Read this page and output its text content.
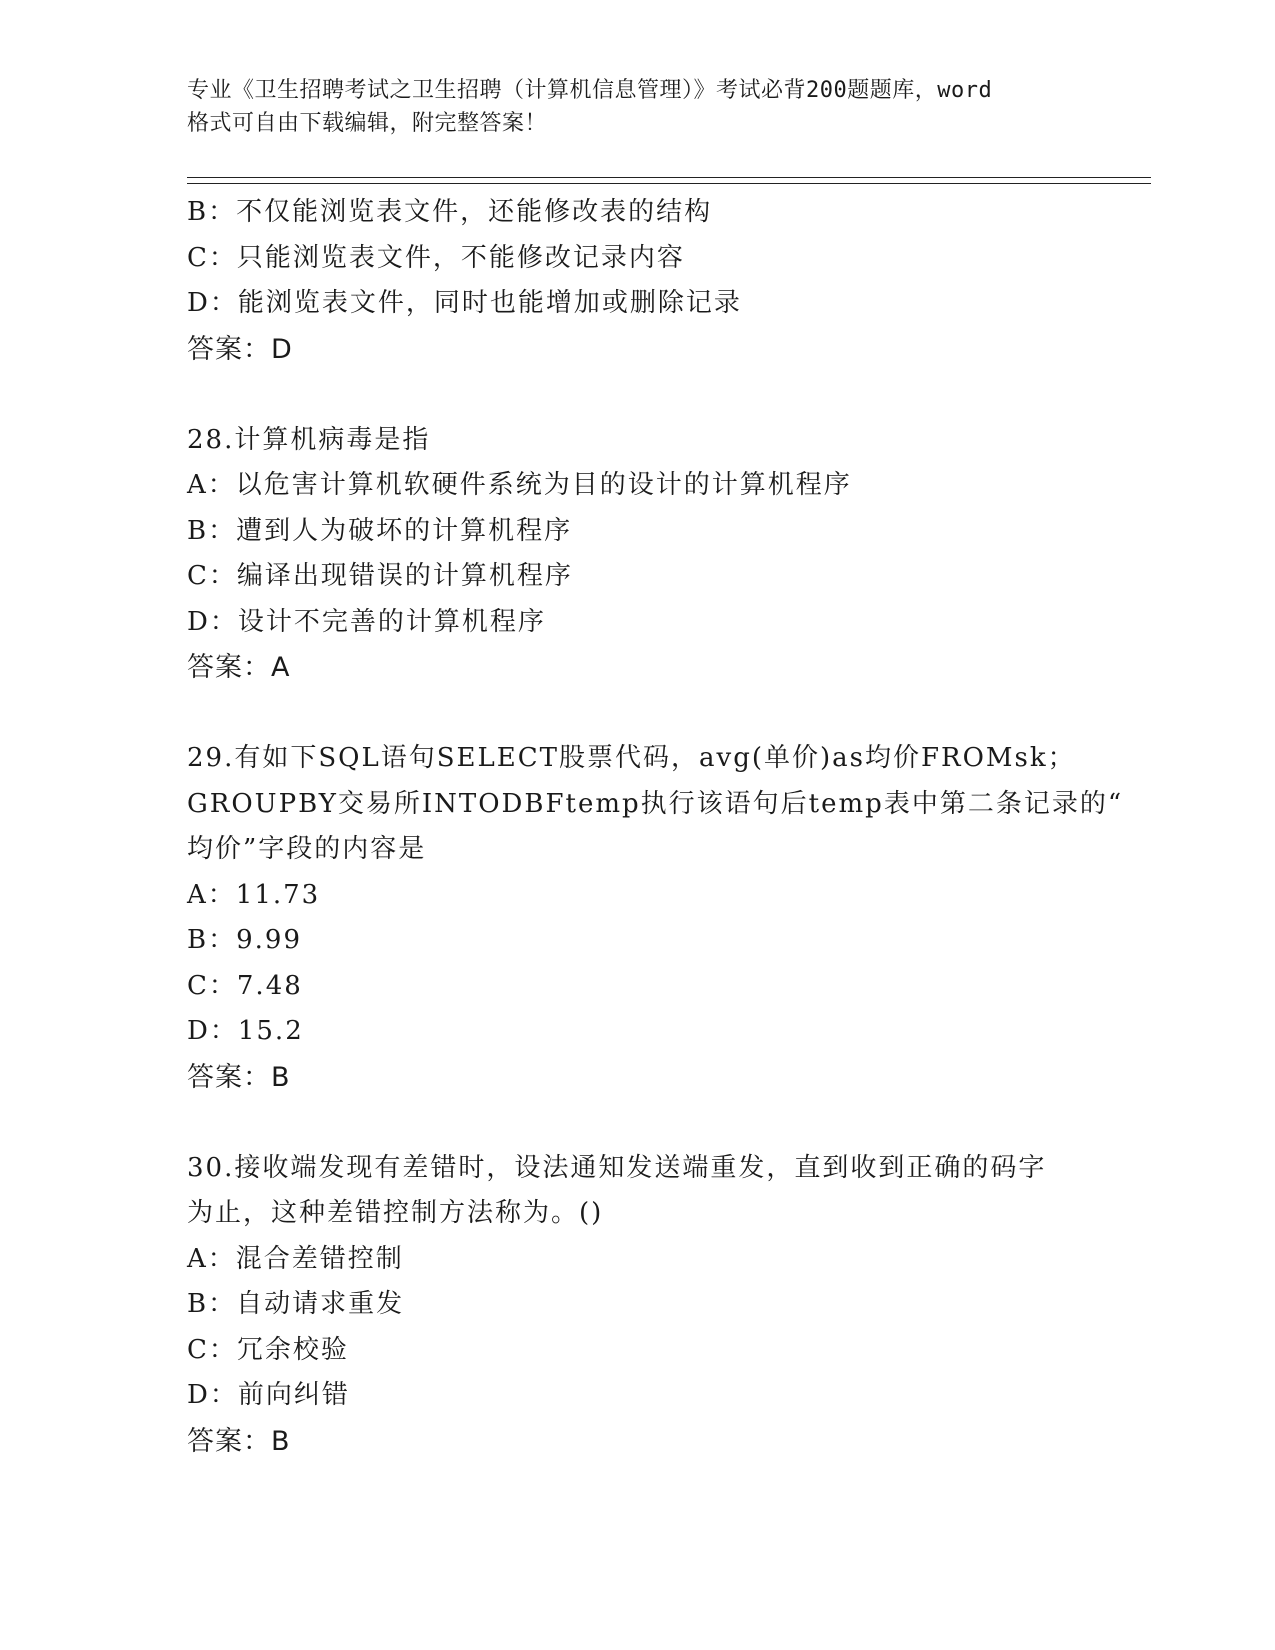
专业《卫生招聘考试之卫生招聘（计算机信息管理）》考试必背200题题库，word
格式可自由下载编辑，附完整答案！
B：不仅能浏览表文件，还能修改表的结构
C：只能浏览表文件，不能修改记录内容
D：能浏览表文件，同时也能增加或删除记录
答案：D
28.计算机病毒是指
A：以危害计算机软硬件系统为目的设计的计算机程序
B：遭到人为破坏的计算机程序
C：编译出现错误的计算机程序
D：设计不完善的计算机程序
答案：A
29.有如下SQL语句SELECT股票代码，avg(单价)as均价FROMsk；
GROUPBY交易所INTODBFtemp执行该语句后temp表中第二条记录的“
均价”字段的内容是
A：11.73
B：9.99
C：7.48
D：15.2
答案：B
30.接收端发现有差错时，设法通知发送端重发，直到收到正确的码字
为止，这种差错控制方法称为。()
A：混合差错控制
B：自动请求重发
C：冗余校验
D：前向纠错
答案：B
